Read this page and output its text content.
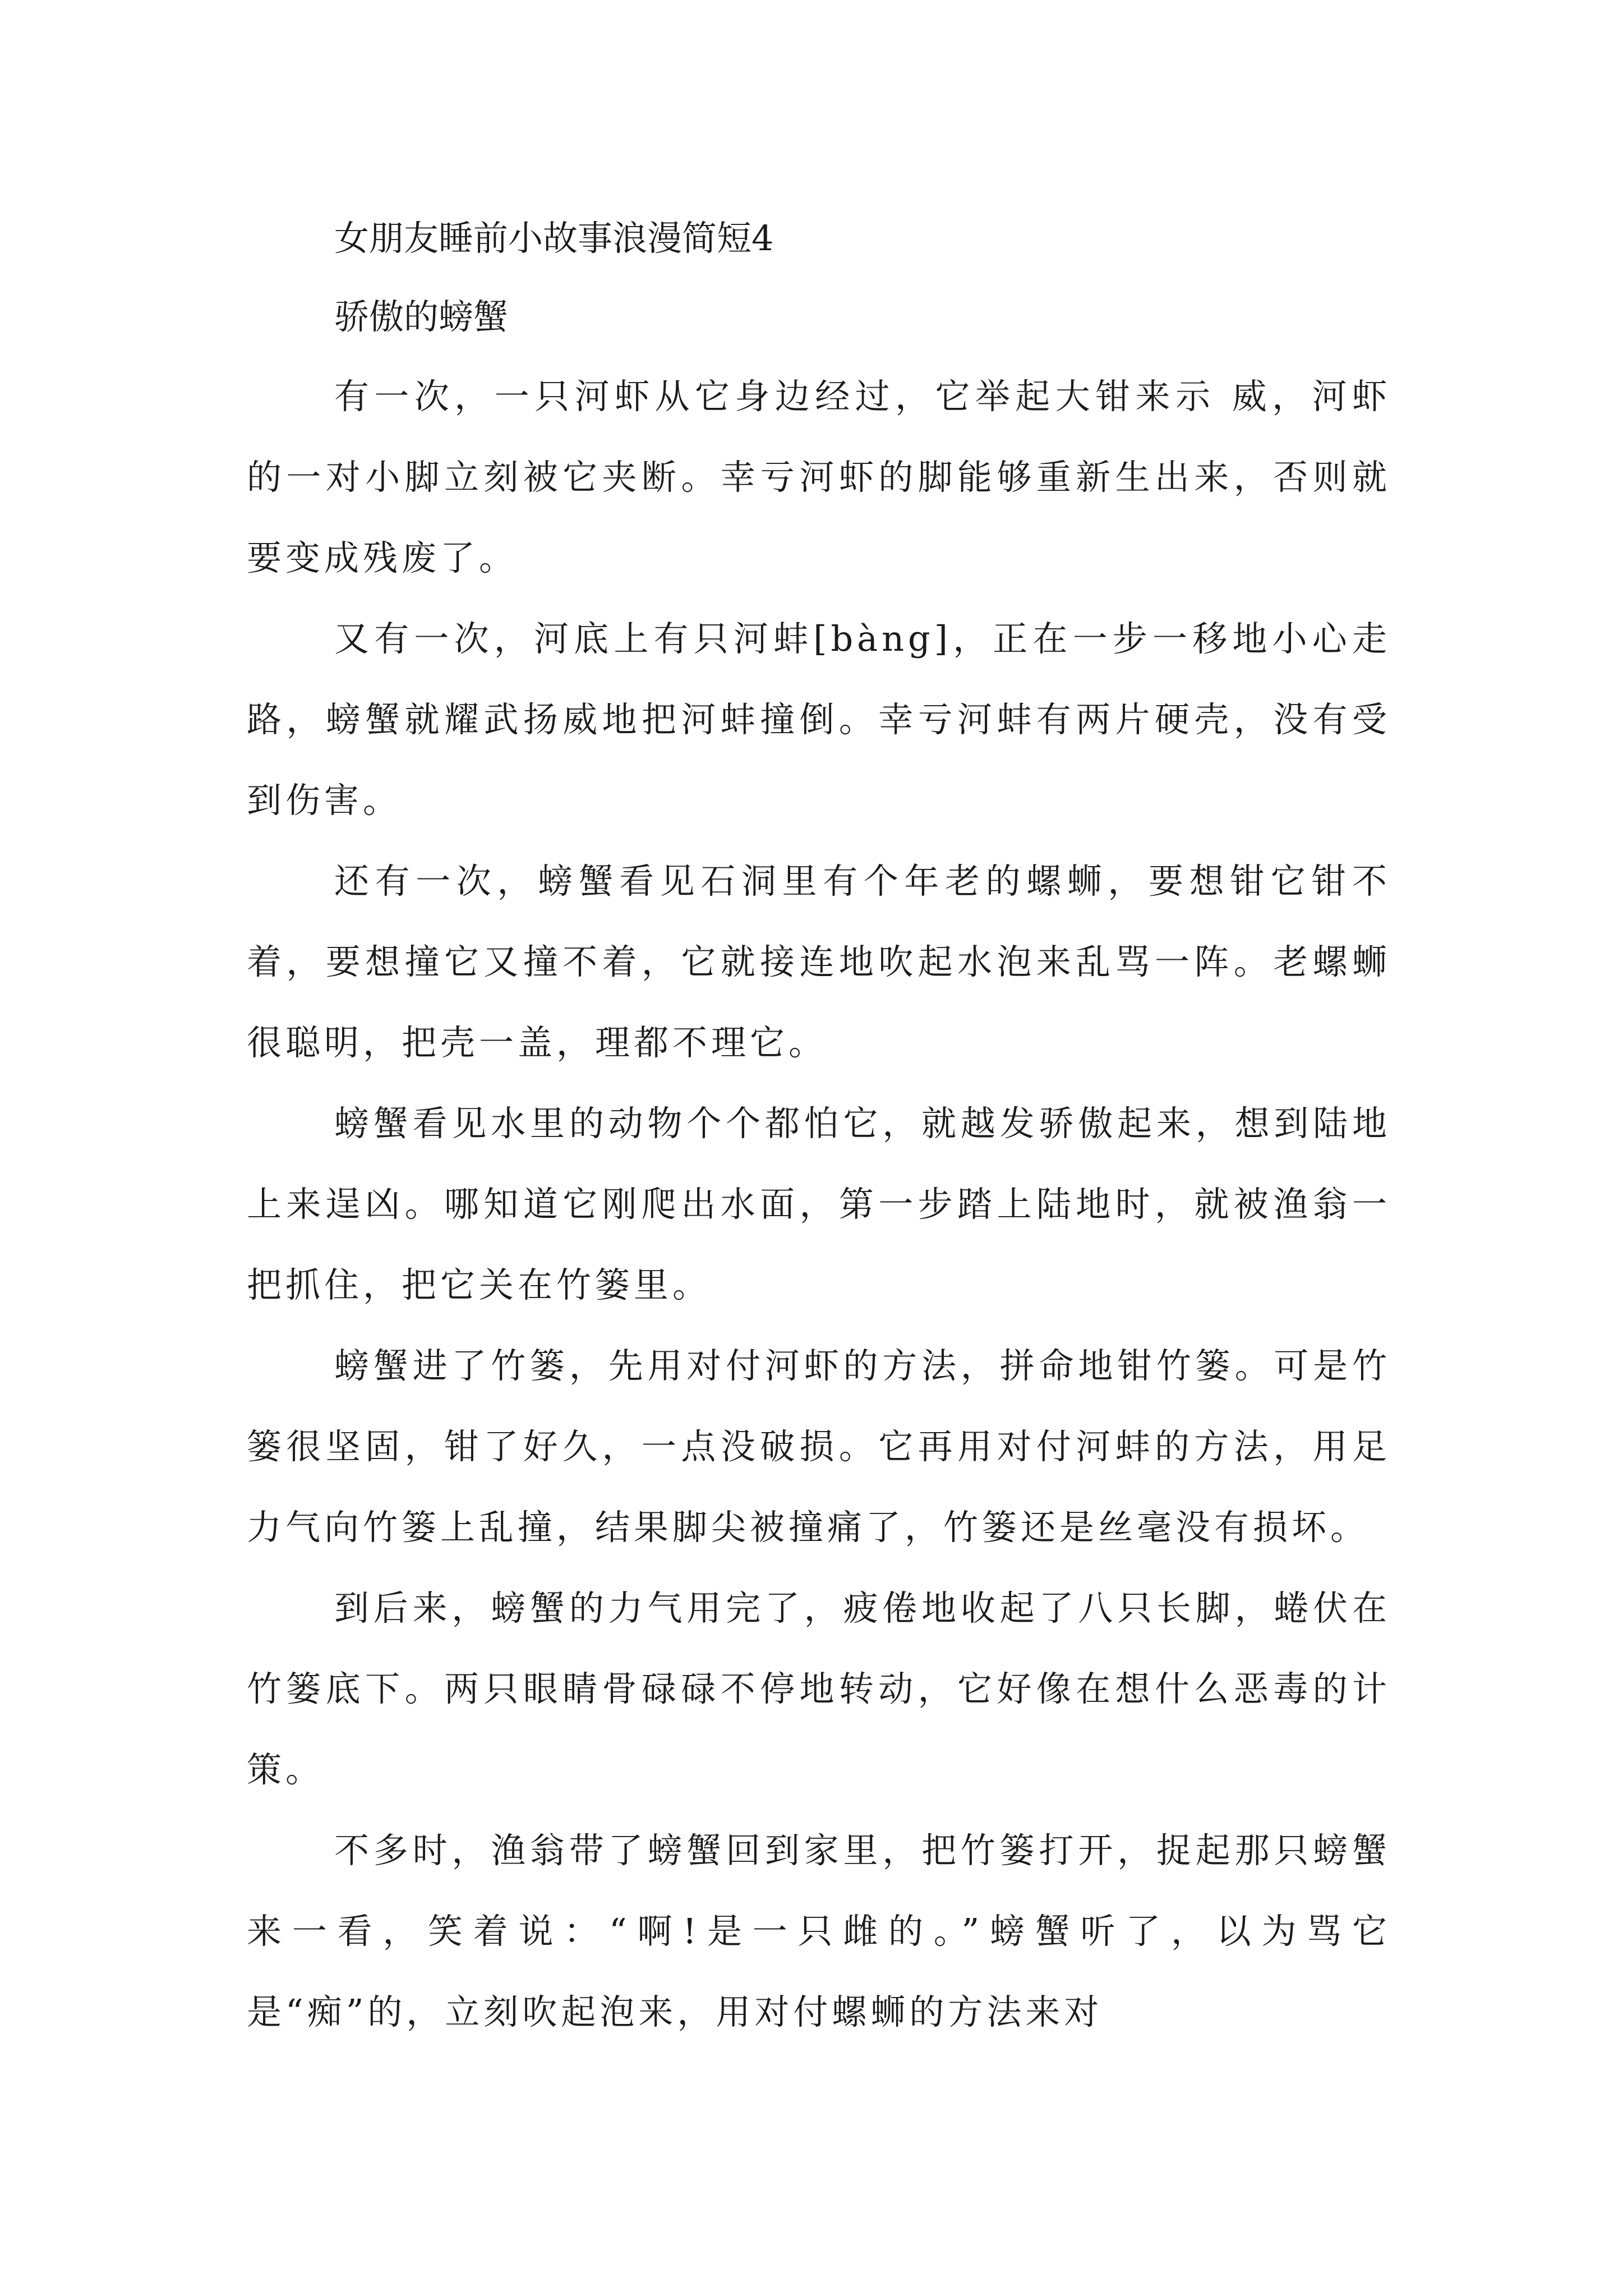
女朋友睡前小故事浪漫简短4
骄傲的螃蟹

有一次，一只河虾从它身边经过，它举起大钳来示 威，河虾的一对小脚立刻被它夹断。幸亏河虾的脚能够重新生出来，否则就要变成残废了。

又有一次，河底上有只河蚌[bàng]，正在一步一移地小心走路，螃蟹就耀武扬威地把河蚌撞倒。幸亏河蚌有两片硬壳，没有受到伤害。

还有一次，螃蟹看见石洞里有个年老的螺蛳，要想钳它钳不着，要想撞它又撞不着，它就接连地吹起水泡来乱骂一阵。老螺蛳很聪明，把壳一盖，理都不理它。

螃蟹看见水里的动物个个都怕它，就越发骄傲起来，想到陆地上来逞凶。哪知道它刚爬出水面，第一步踏上陆地时，就被渔翁一把抓住，把它关在竹篓里。

螃蟹进了竹篓，先用对付河虾的方法，拼命地钳竹篓。可是竹篓很坚固，钳了好久，一点没破损。它再用对付河蚌的方法，用足力气向竹篓上乱撞，结果脚尖被撞痛了，竹篓还是丝毫没有损坏。

到后来，螃蟹的力气用完了，疲倦地收起了八只长脚，蜷伏在竹篓底下。两只眼睛骨碌碌不停地转动，它好像在想什么恶毒的计策。

不多时，渔翁带了螃蟹回到家里，把竹篓打开，捉起那只螃蟹来一看，笑着说：“啊!是一只雌的。”螃蟹听了，以为骂它是“痴”的，立刻吹起泡来，用对付螺蛳的方法来对
